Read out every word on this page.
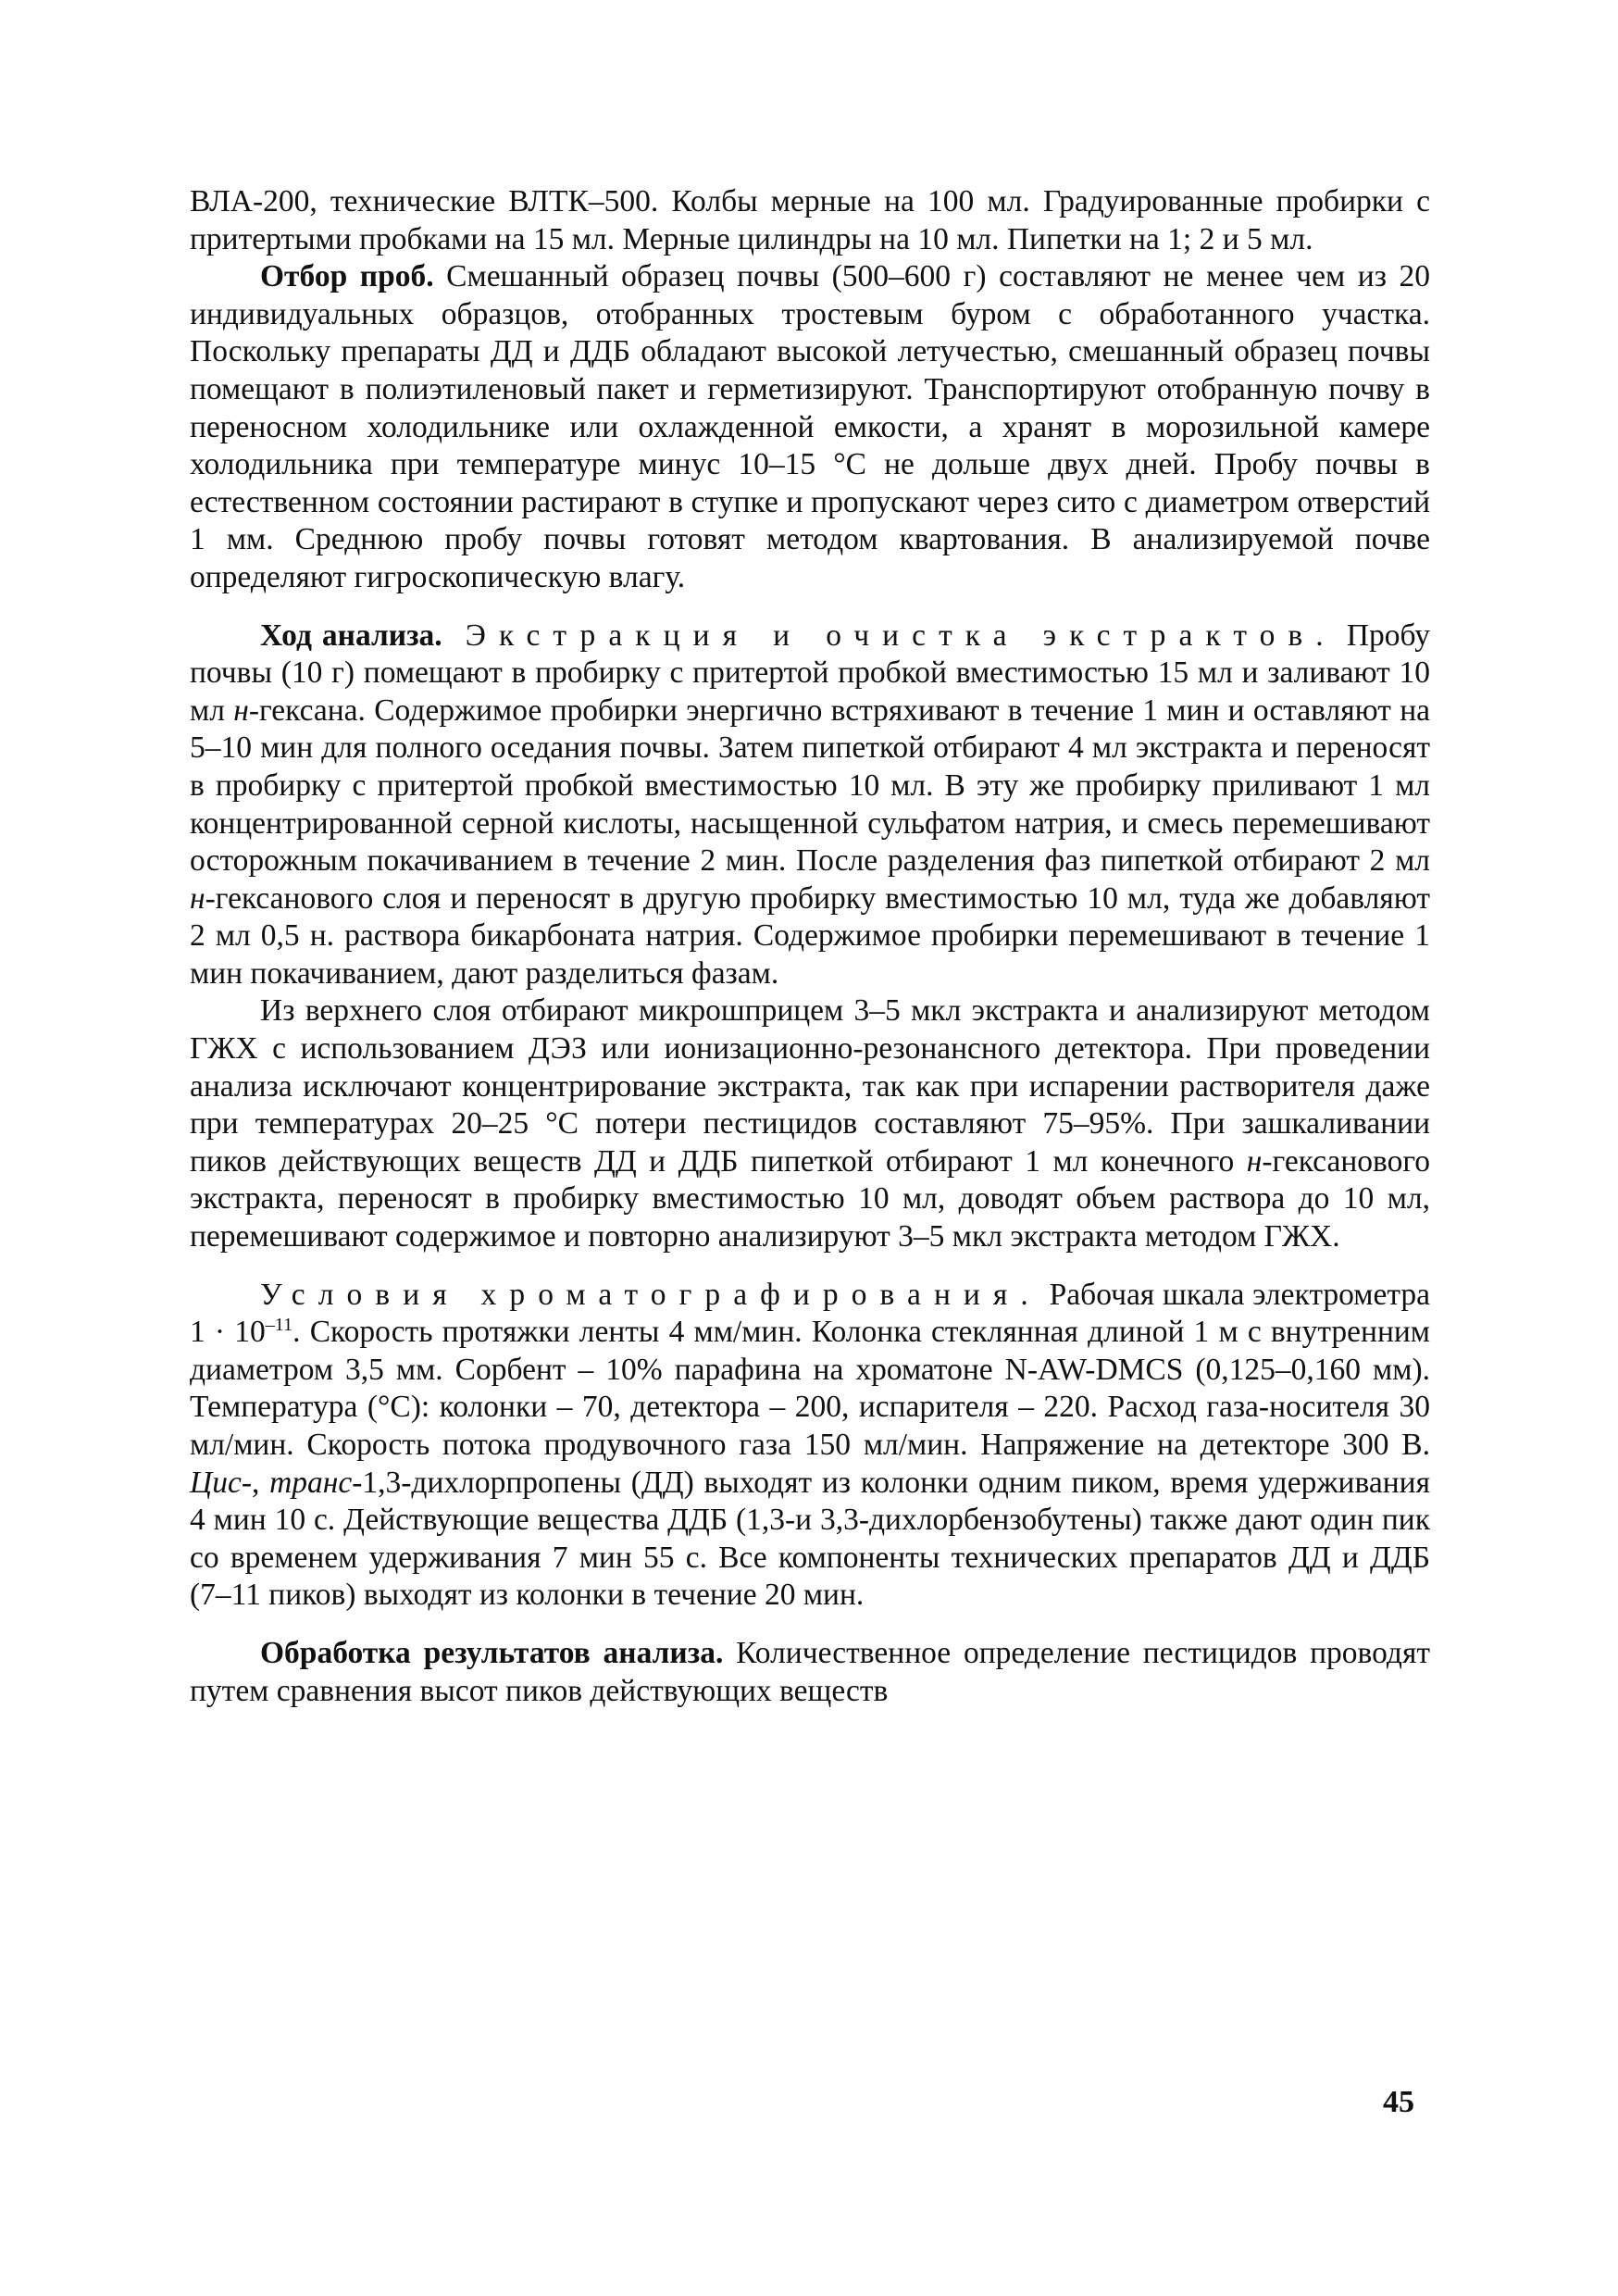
ВЛА-200, технические ВЛТК–500. Колбы мерные на 100 мл. Градуированные пробирки с притертыми пробками на 15 мл. Мерные цилиндры на 10 мл. Пипетки на 1; 2 и 5 мл.

Отбор проб. Смешанный образец почвы (500–600 г) составляют не менее чем из 20 индивидуальных образцов, отобранных тростевым буром с обработанного участка. Поскольку препараты ДД и ДДБ обладают высокой летучестью, смешанный образец почвы помещают в полиэтиленовый пакет и герметизируют. Транспортируют отобранную почву в переносном холодильнике или охлажденной емкости, а хранят в морозильной камере холодильника при температуре минус 10–15 °С не дольше двух дней. Пробу почвы в естественном состоянии растирают в ступке и пропускают через сито с диаметром отверстий 1 мм. Среднюю пробу почвы готовят методом квартования. В анализируемой почве определяют гигроскопическую влагу.

Ход анализа. Экстракция и очистка экстрактов. Пробу почвы (10 г) помещают в пробирку с притертой пробкой вместимостью 15 мл и заливают 10 мл н-гексана. Содержимое пробирки энергично встряхивают в течение 1 мин и оставляют на 5–10 мин для полного оседания почвы. Затем пипеткой отбирают 4 мл экстракта и переносят в пробирку с притертой пробкой вместимостью 10 мл. В эту же пробирку приливают 1 мл концентрированной серной кислоты, насыщенной сульфатом натрия, и смесь перемешивают осторожным покачиванием в течение 2 мин. После разделения фаз пипеткой отбирают 2 мл н-гексанового слоя и переносят в другую пробирку вместимостью 10 мл, туда же добавляют 2 мл 0,5 н. раствора бикарбоната натрия. Содержимое пробирки перемешивают в течение 1 мин покачиванием, дают разделиться фазам.

Из верхнего слоя отбирают микрошприцем 3–5 мкл экстракта и анализируют методом ГЖХ с использованием ДЭЗ или ионизационно-резонансного детектора. При проведении анализа исключают концентрирование экстракта, так как при испарении растворителя даже при температурах 20–25 °С потери пестицидов составляют 75–95%. При зашкаливании пиков действующих веществ ДД и ДДБ пипеткой отбирают 1 мл конечного н-гексанового экстракта, переносят в пробирку вместимостью 10 мл, доводят объем раствора до 10 мл, перемешивают содержимое и повторно анализируют 3–5 мкл экстракта методом ГЖХ.

Условия хроматографирования. Рабочая шкала электрометра $1 \cdot 10^{-11}$. Скорость протяжки ленты 4 мм/мин. Колонка стеклянная длиной 1 м с внутренним диаметром 3,5 мм. Сорбент – 10% парафина на хроматоне N-AW-DMCS (0,125–0,160 мм). Температура (°С): колонки – 70, детектора – 200, испарителя – 220. Расход газа-носителя 30 мл/мин. Скорость потока продувочного газа 150 мл/мин. Напряжение на детекторе 300 В. Цис-, транс-1,3-дихлорпропены (ДД) выходят из колонки одним пиком, время удерживания 4 мин 10 с. Действующие вещества ДДБ (1,3-и 3,3-дихлорбензобутены) также дают один пик со временем удерживания 7 мин 55 с. Все компоненты технических препаратов ДД и ДДБ (7–11 пиков) выходят из колонки в течение 20 мин.

Обработка результатов анализа. Количественное определение пестицидов проводят путем сравнения высот пиков действующих веществ

45
